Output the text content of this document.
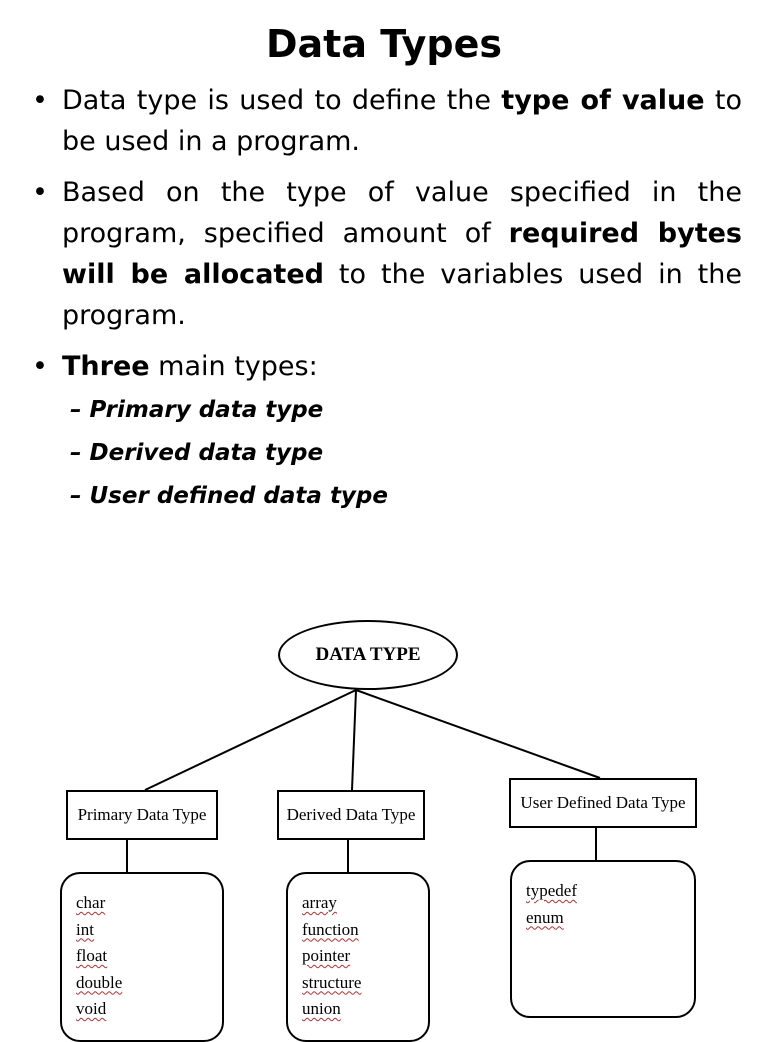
Data Types
• Data type is used to define the type of value to be used in a program.
• Based on the type of value specified in the program, specified amount of required bytes will be allocated to the variables used in the program.
• Three main types:
– Primary data type
– Derived data type
– User defined data type
DATA TYPE
Primary Data Type	Derived Data Type
User Defined Data Type
char
int
float
double
void
array
function
pointer
structure
union
typedef
enum
